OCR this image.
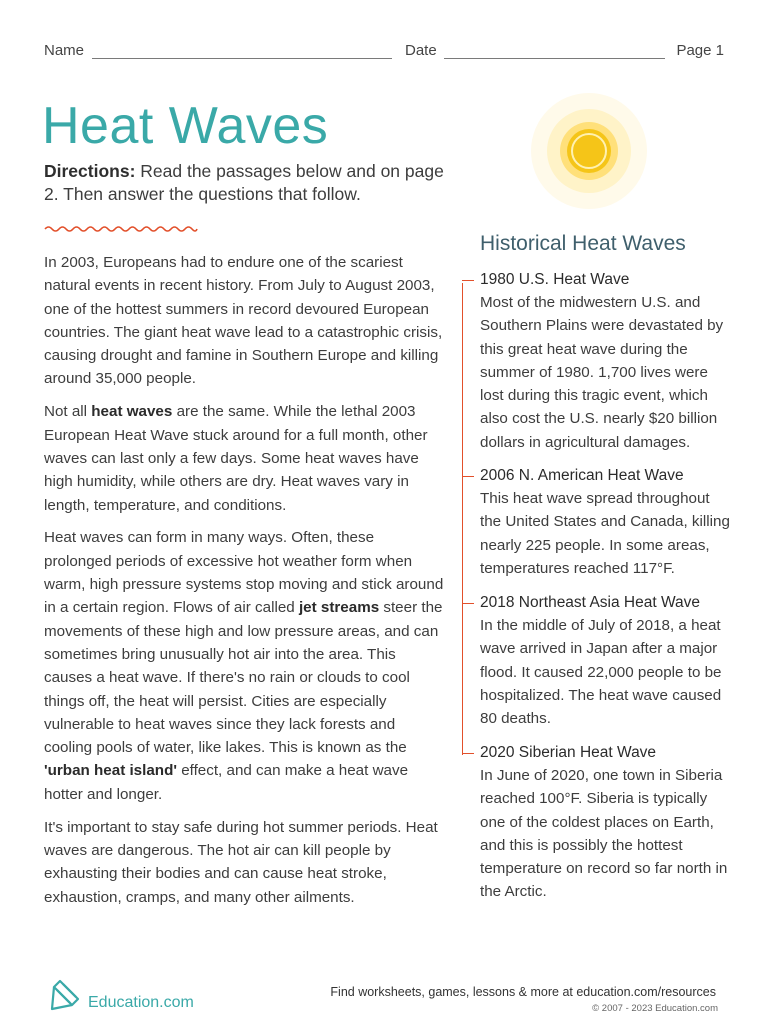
Name	Date	Page 1
Heat Waves
Directions: Read the passages below and on page 2. Then answer the questions that follow.

In 2003, Europeans had to endure one of the scariest natural events in recent history. From July to August 2003, one of the hottest summers in record devoured European countries. The giant heat wave lead to a catastrophic crisis, causing drought and famine in Southern Europe and killing around 35,000 people.

Not all heat waves are the same. While the lethal 2003 European Heat Wave stuck around for a full month, other waves can last only a few days. Some heat waves have high humidity, while others are dry. Heat waves vary in length, temperature, and conditions.

Heat waves can form in many ways. Often, these prolonged periods of excessive hot weather form when warm, high pressure systems stop moving and stick around in a certain region. Flows of air called jet streams steer the movements of these high and low pressure areas, and can sometimes bring unusually hot air into the area. This causes a heat wave. If there's no rain or clouds to cool things off, the heat will persist. Cities are especially vulnerable to heat waves since they lack forests and cooling pools of water, like lakes. This is known as the 'urban heat island' effect, and can make a heat wave hotter and longer.

It's important to stay safe during hot summer periods. Heat waves are dangerous. The hot air can kill people by exhausting their bodies and can cause heat stroke, exhaustion, cramps, and many other ailments.

Historical Heat Waves
1980 U.S. Heat Wave
Most of the midwestern U.S. and Southern Plains were devastated by this great heat wave during the summer of 1980. 1,700 lives were lost during this tragic event, which also cost the U.S. nearly $20 billion dollars in agricultural damages.
2006 N. American Heat Wave
This heat wave spread throughout the United States and Canada, killing nearly 225 people. In some areas, temperatures reached 117°F.
2018 Northeast Asia Heat Wave
In the middle of July of 2018, a heat wave arrived in Japan after a major flood. It caused 22,000 people to be hospitalized. The heat wave caused 80 deaths.
2020 Siberian Heat Wave
In June of 2020, one town in Siberia reached 100°F. Siberia is typically one of the coldest places on Earth, and this is possibly the hottest temperature on record so far north in the Arctic.
Education.com
Find worksheets, games, lessons & more at education.com/resources
© 2007 - 2023 Education.com
